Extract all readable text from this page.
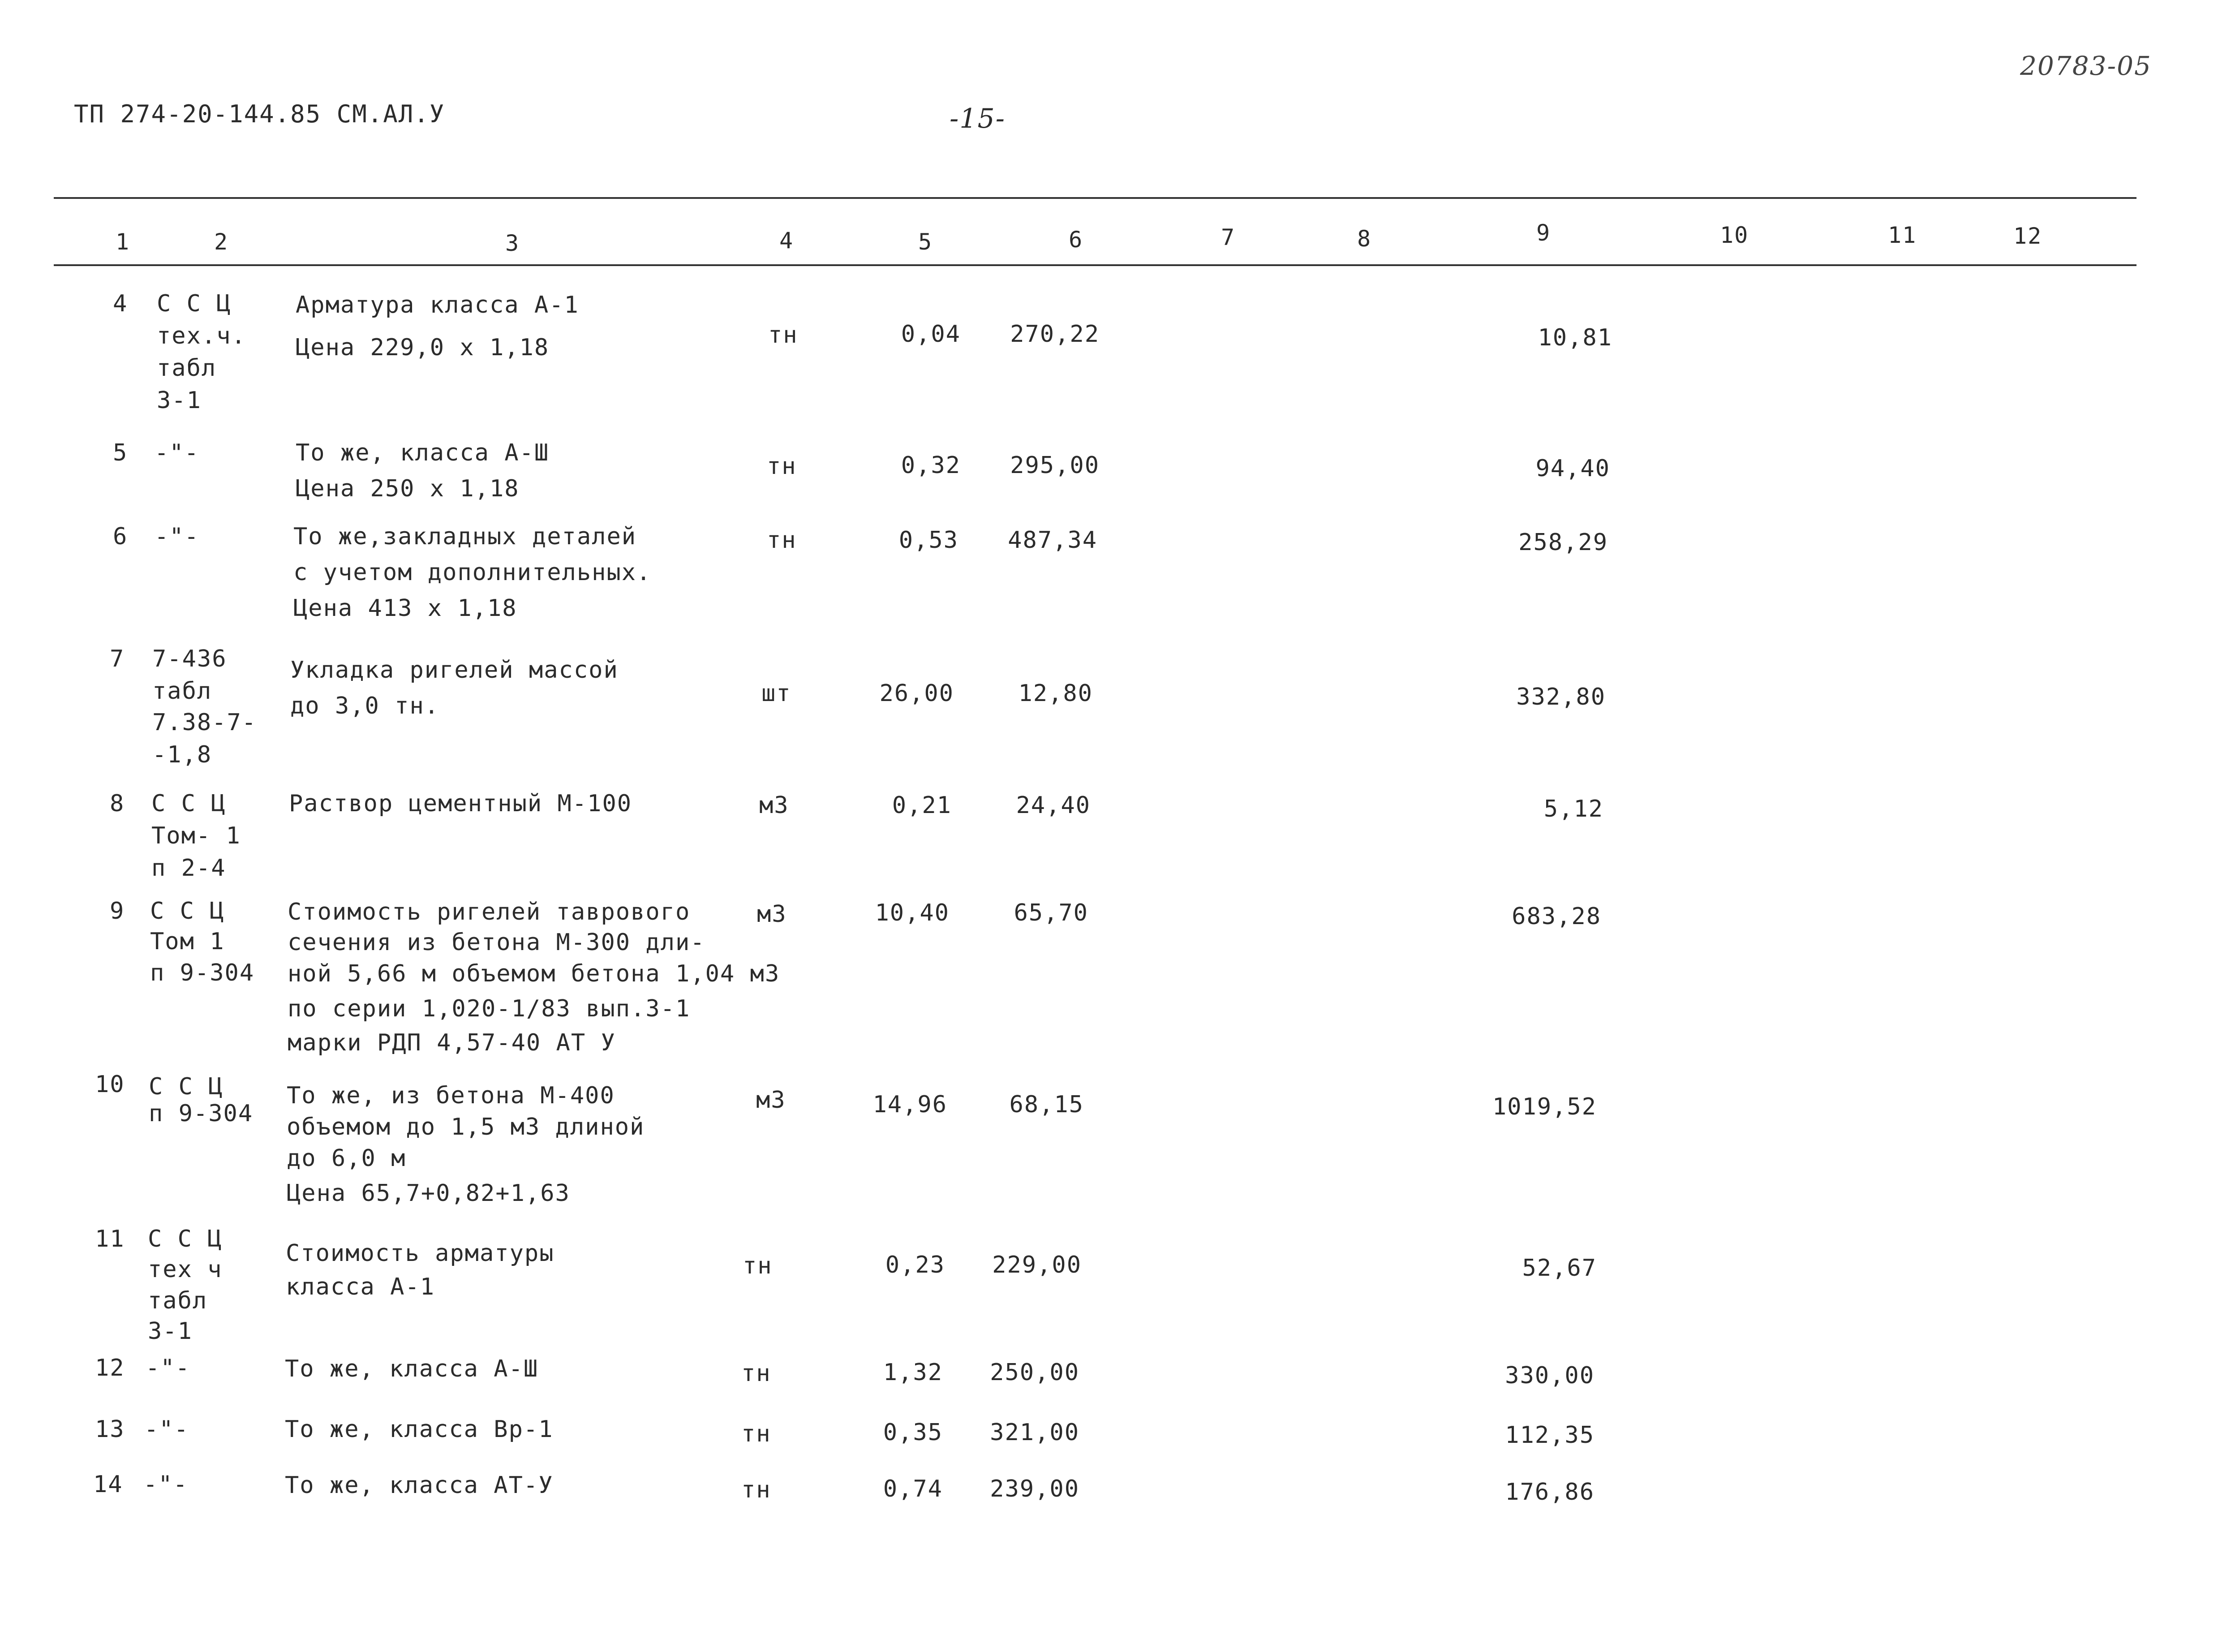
ТП 274-20-144.85 СМ.АЛ.У	-15-
20783-05
1	2	3	4	5	6	7	8	9	10	11	12
4 С С Ц
тех.ч.
табл
3-1
Арматура класса А-1
Цена 229,0 х 1,18	тн	0,04 270,22	10,81
5 -"-	То же, класса А-Ш
Цена 250 х 1,18
тн	0,32 295,00	94,40
6 -"-	То же,закладных деталей
с учетом дополнительных.
Цена 413 х 1,18
тн	0,53 487,34	258,29
7 7-436
табл
7.38-7-
-1,8
Укладка ригелей массой
до 3,0 тн.	шт	26,00	12,80	332,80
8 С С Ц
Том- 1
п 2-4
Раствор цементный М-100	м3	0,21	24,40	5,12
9 С С Ц
Том 1
п 9-304
Стоимость ригелей таврового
сечения из бетона М-300 дли-
ной 5,66 м объемом бетона 1,04 м3
по серии 1,020-1/83 вып.3-1
марки РДП 4,57-40 АТ У
м3	10,40	65,70	683,28
10 С С Ц
п 9-304
То же, из бетона М-400
объемом до 1,5 м3 длиной
до 6,0 м
Цена 65,7+0,82+1,63
м3	14,96	68,15	1019,52
11 С С Ц
тех ч
табл
3-1
Стоимость арматуры
класса А-1
тн	0,23 229,00	52,67
12 -"-	То же, класса А-Ш	тн	1,32 250,00	330,00
13 -"-	То же, класса Вр-1	тн	0,35 321,00	112,35
14 -"-	То же, класса АТ-У	тн	0,74 239,00	176,86
